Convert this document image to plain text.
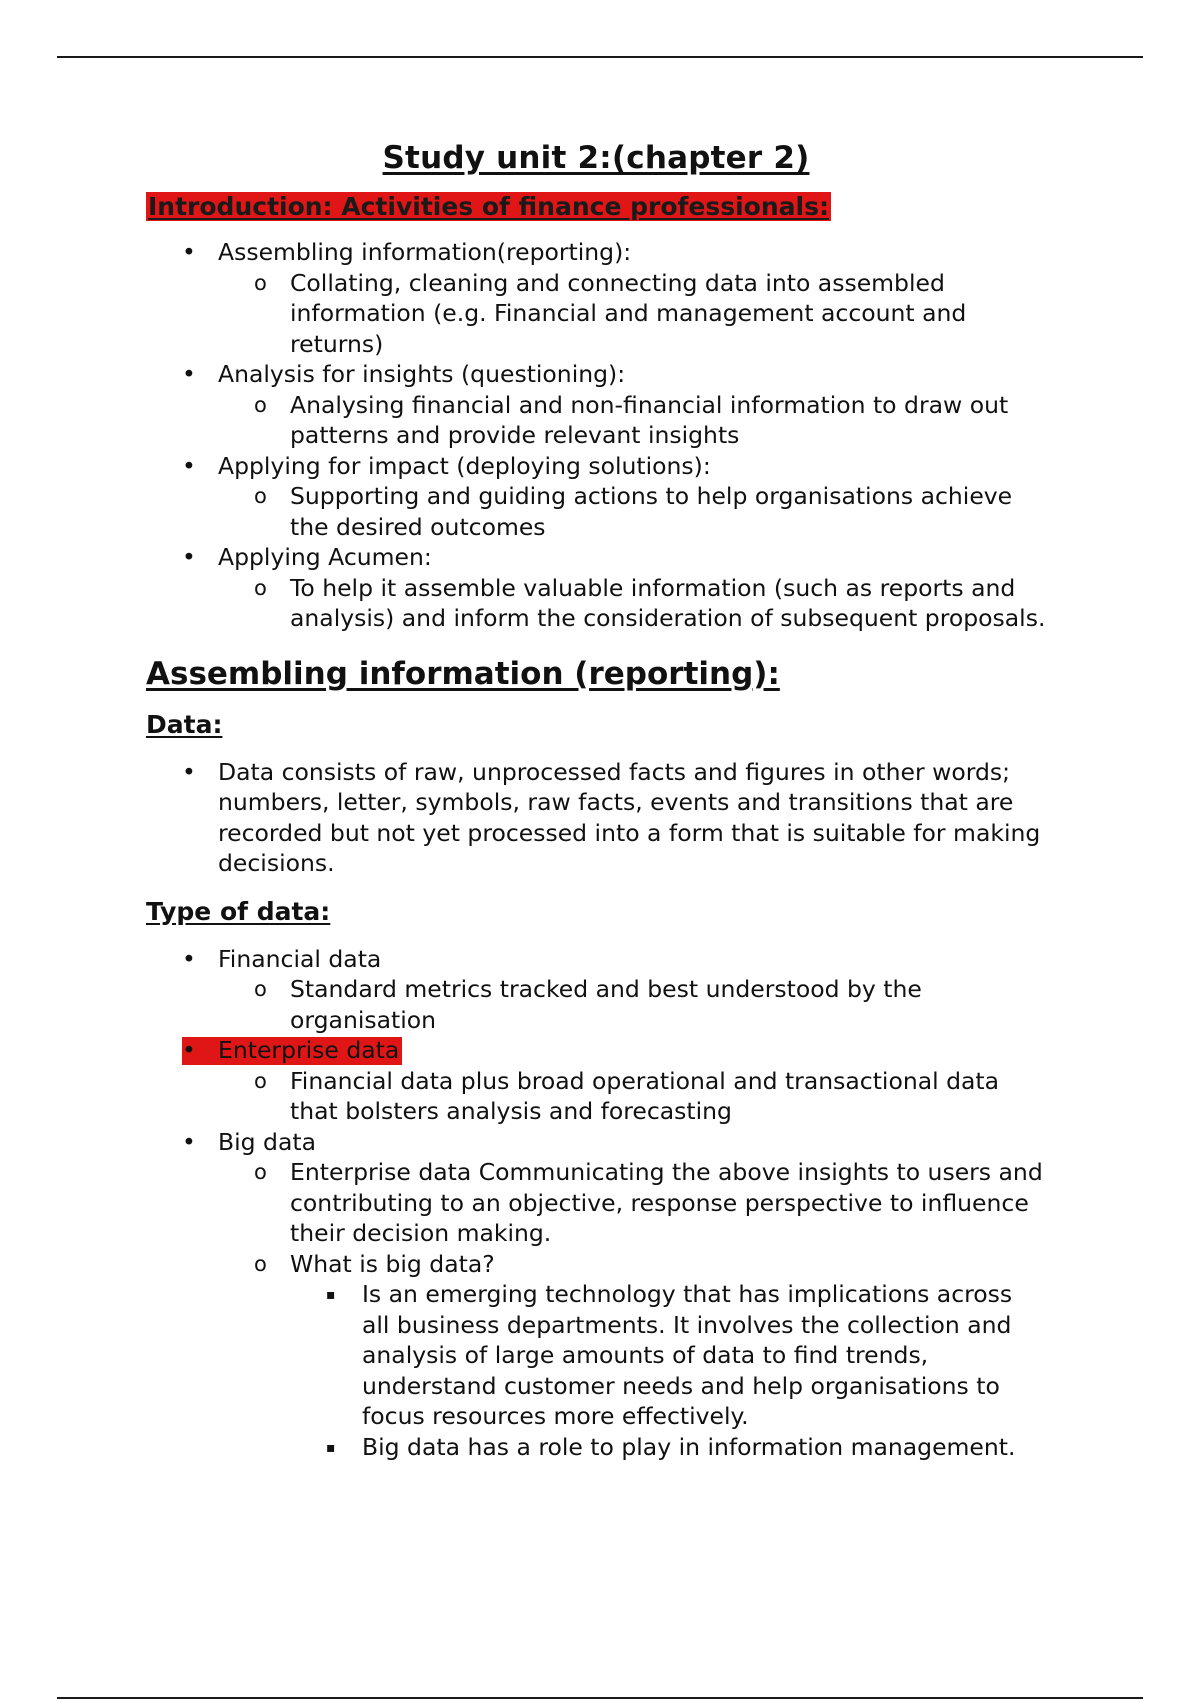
Study unit 2:(chapter 2)
Introduction: Activities of finance professionals:
• Assembling information(reporting):
o Collating, cleaning and connecting data into assembled information (e.g. Financial and management account and returns)
• Analysis for insights (questioning):
o Analysing financial and non-financial information to draw out patterns and provide relevant insights
• Applying for impact (deploying solutions):
o Supporting and guiding actions to help organisations achieve the desired outcomes
• Applying Acumen:
o To help it assemble valuable information (such as reports and analysis) and inform the consideration of subsequent proposals.
Assembling information (reporting):
Data:
• Data consists of raw, unprocessed facts and figures in other words; numbers, letter, symbols, raw facts, events and transitions that are recorded but not yet processed into a form that is suitable for making decisions.
Type of data:
• Financial data
o Standard metrics tracked and best understood by the organisation
• Enterprise data
o Financial data plus broad operational and transactional data that bolsters analysis and forecasting
• Big data
o Enterprise data Communicating the above insights to users and contributing to an objective, response perspective to influence their decision making.
o What is big data?
▪	Is an emerging technology that has implications across all business departments. It involves the collection and analysis of large amounts of data to find trends, understand customer needs and help organisations to focus resources more effectively.
▪	Big data has a role to play in information management.
